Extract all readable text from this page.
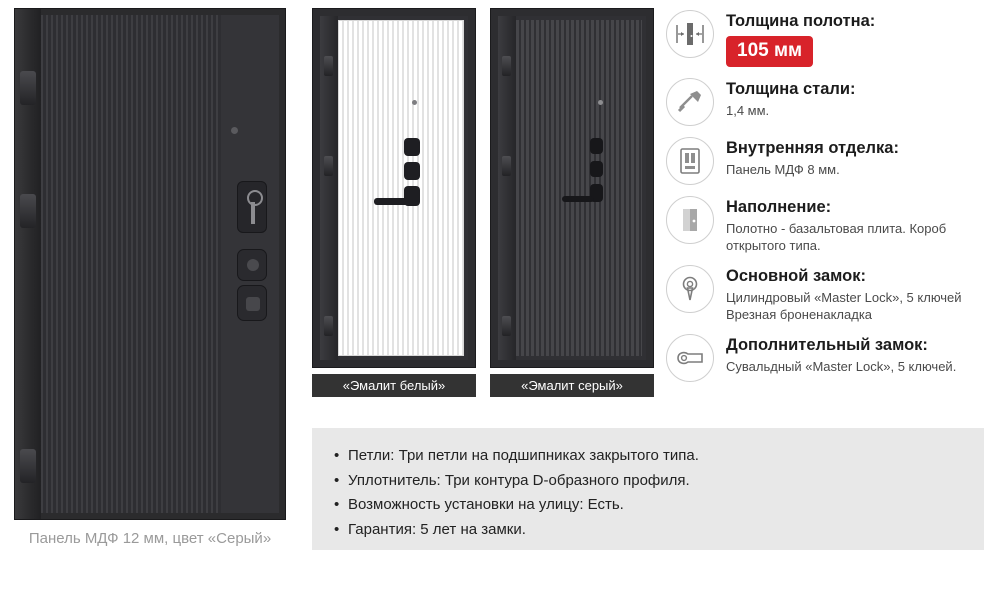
Панель МДФ 12 мм, цвет «Серый»
«Эмалит белый»	«Эмалит серый»
Толщина полотна:
105 мм
Толщина стали:
1,4 мм.
Внутренняя отделка:
Панель МДФ 8 мм.
Наполнение:
Полотно - базальтовая плита. Короб открытого типа.
Основной замок:
Цилиндровый «Master Lock», 5 ключей Врезная броненакладка
Дополнительный замок:
Сувальдный «Master Lock», 5 ключей.
• Петли: Три петли на подшипниках закрытого типа.
• Уплотнитель: Три контура D-образного профиля.
• Возможность установки на улицу: Есть.
• Гарантия: 5 лет на замки.
